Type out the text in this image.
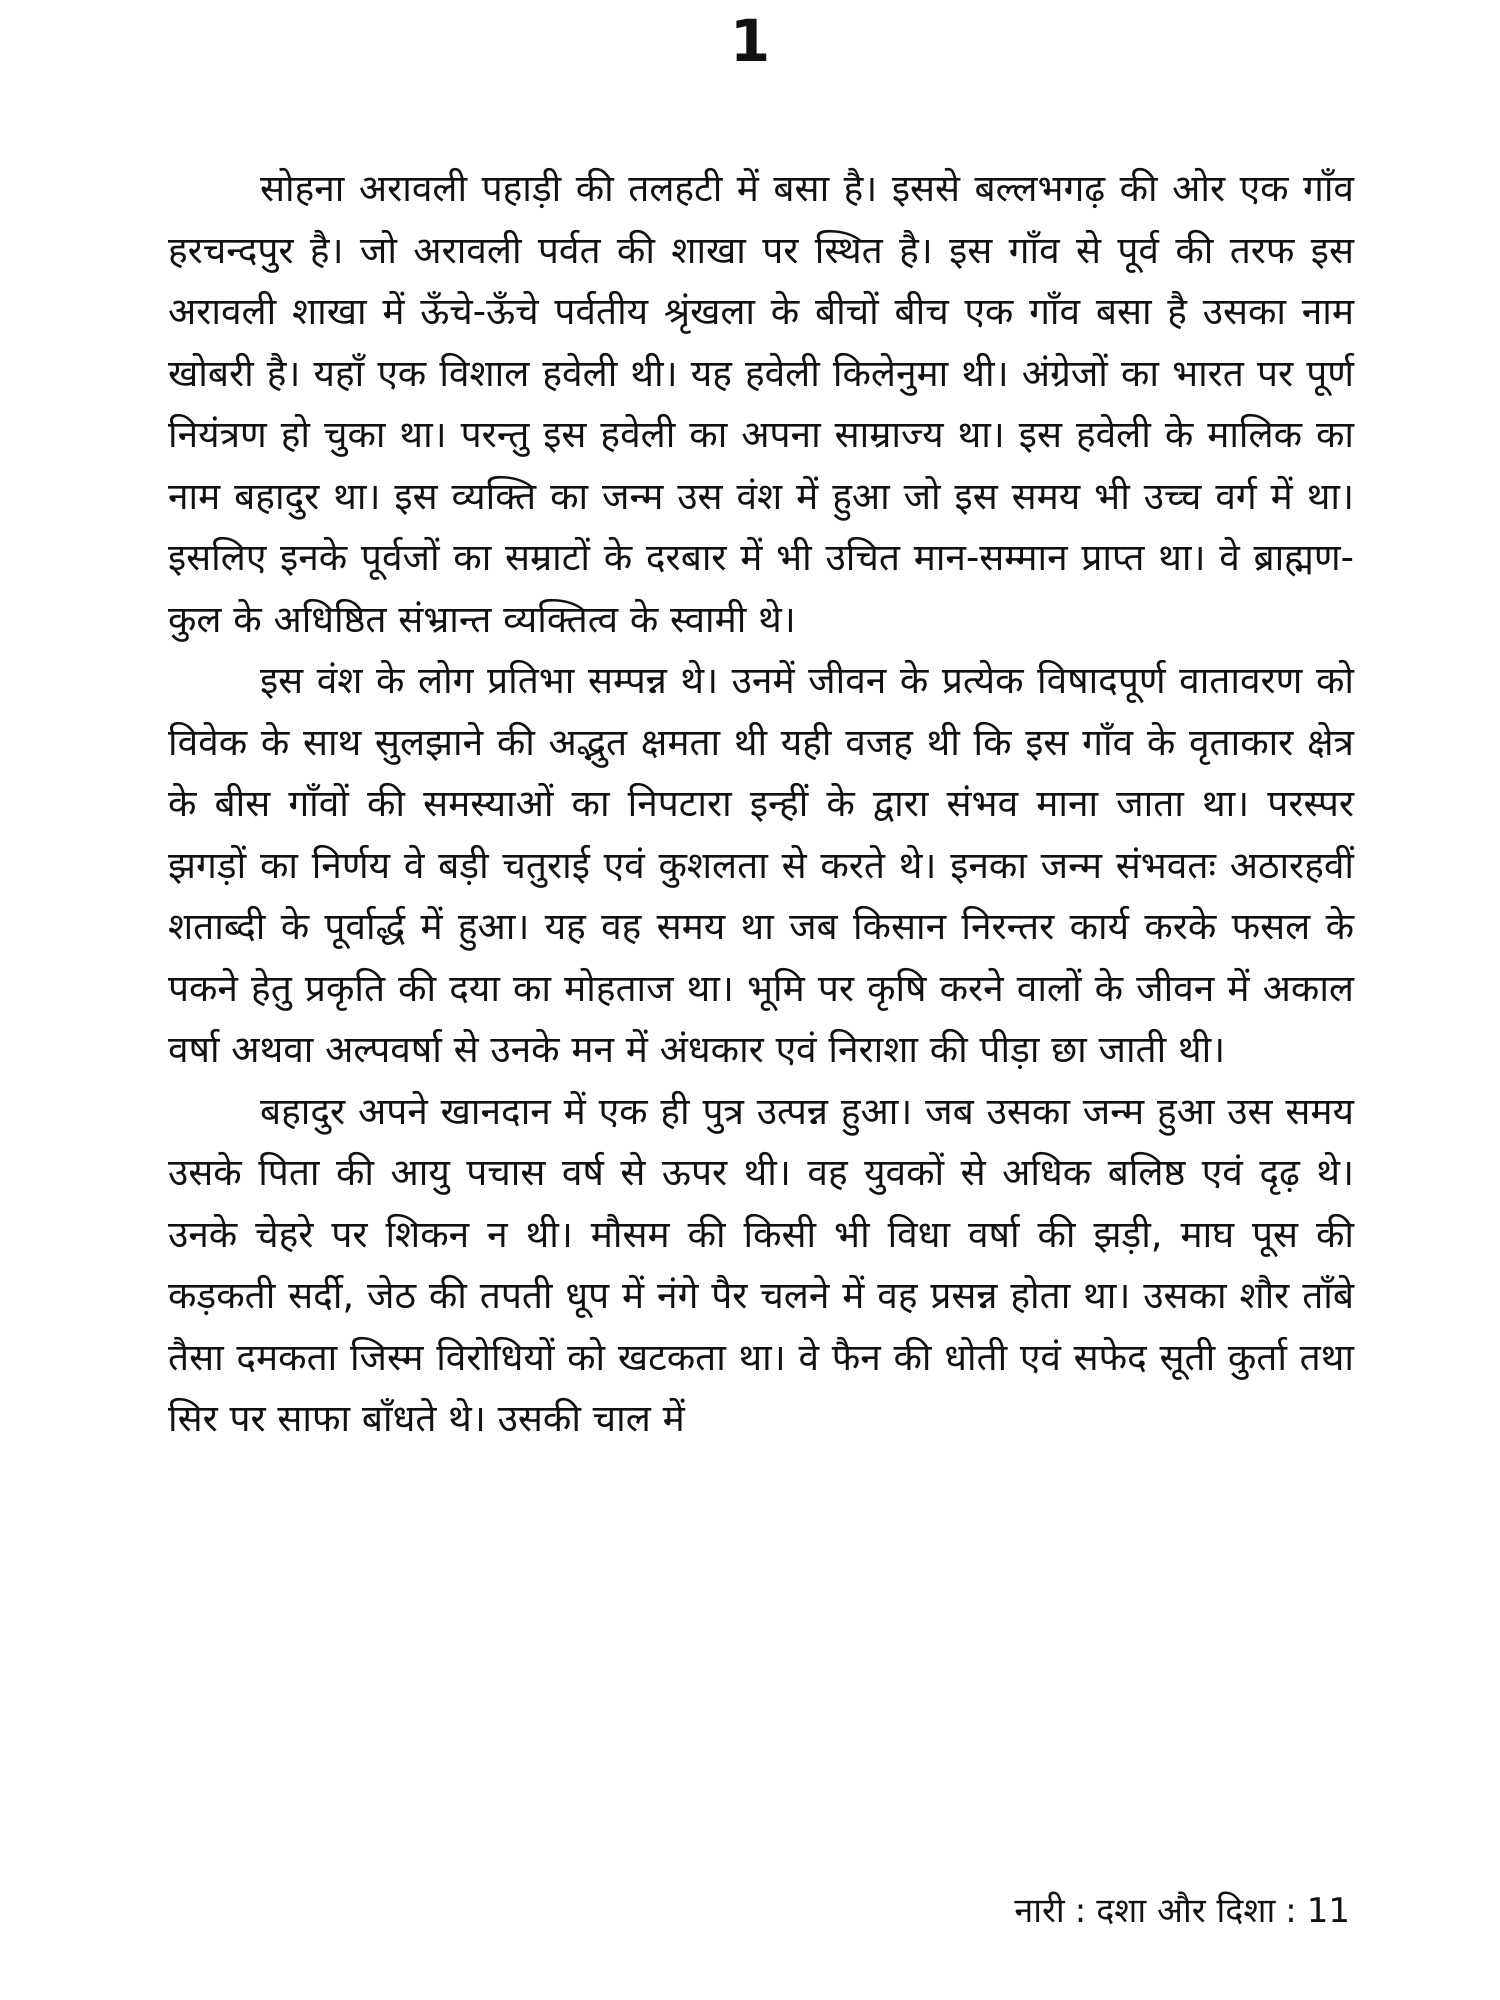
1

सोहना अरावली पहाड़ी की तलहटी में बसा है। इससे बल्लभगढ़ की ओर एक गाँव हरचन्दपुर है। जो अरावली पर्वत की शाखा पर स्थित है। इस गाँव से पूर्व की तरफ इस अरावली शाखा में ऊँचे-ऊँचे पर्वतीय श्रृंखला के बीचों बीच एक गाँव बसा है उसका नाम खोबरी है। यहाँ एक विशाल हवेली थी। यह हवेली किलेनुमा थी। अंग्रेजों का भारत पर पूर्ण नियंत्रण हो चुका था। परन्तु इस हवेली का अपना साम्राज्य था। इस हवेली के मालिक का नाम बहादुर था। इस व्यक्ति का जन्म उस वंश में हुआ जो इस समय भी उच्च वर्ग में था। इसलिए इनके पूर्वजों का सम्राटों के दरबार में भी उचित मान-सम्मान प्राप्त था। वे ब्राह्मण-कुल के अधिष्ठित संभ्रान्त व्यक्तित्व के स्वामी थे।

इस वंश के लोग प्रतिभा सम्पन्न थे। उनमें जीवन के प्रत्येक विषादपूर्ण वातावरण को विवेक के साथ सुलझाने की अद्भुत क्षमता थी यही वजह थी कि इस गाँव के वृताकार क्षेत्र के बीस गाँवों की समस्याओं का निपटारा इन्हीं के द्वारा संभव माना जाता था। परस्पर झगड़ों का निर्णय वे बड़ी चतुराई एवं कुशलता से करते थे। इनका जन्म संभवतः अठारहवीं शताब्दी के पूर्वार्द्ध में हुआ। यह वह समय था जब किसान निरन्तर कार्य करके फसल के पकने हेतु प्रकृति की दया का मोहताज था। भूमि पर कृषि करने वालों के जीवन में अकाल वर्षा अथवा अल्पवर्षा से उनके मन में अंधकार एवं निराशा की पीड़ा छा जाती थी।

बहादुर अपने खानदान में एक ही पुत्र उत्पन्न हुआ। जब उसका जन्म हुआ उस समय उसके पिता की आयु पचास वर्ष से ऊपर थी। वह युवकों से अधिक बलिष्ठ एवं दृढ़ थे। उनके चेहरे पर शिकन न थी। मौसम की किसी भी विधा वर्षा की झड़ी, माघ पूस की कड़कती सर्दी, जेठ की तपती धूप में नंगे पैर चलने में वह प्रसन्न होता था। उसका शौर ताँबे तैसा दमकता जिस्म विरोधियों को खटकता था। वे फैन की धोती एवं सफेद सूती कुर्ता तथा सिर पर साफा बाँधते थे। उसकी चाल में

नारी : दशा और दिशा : 11
